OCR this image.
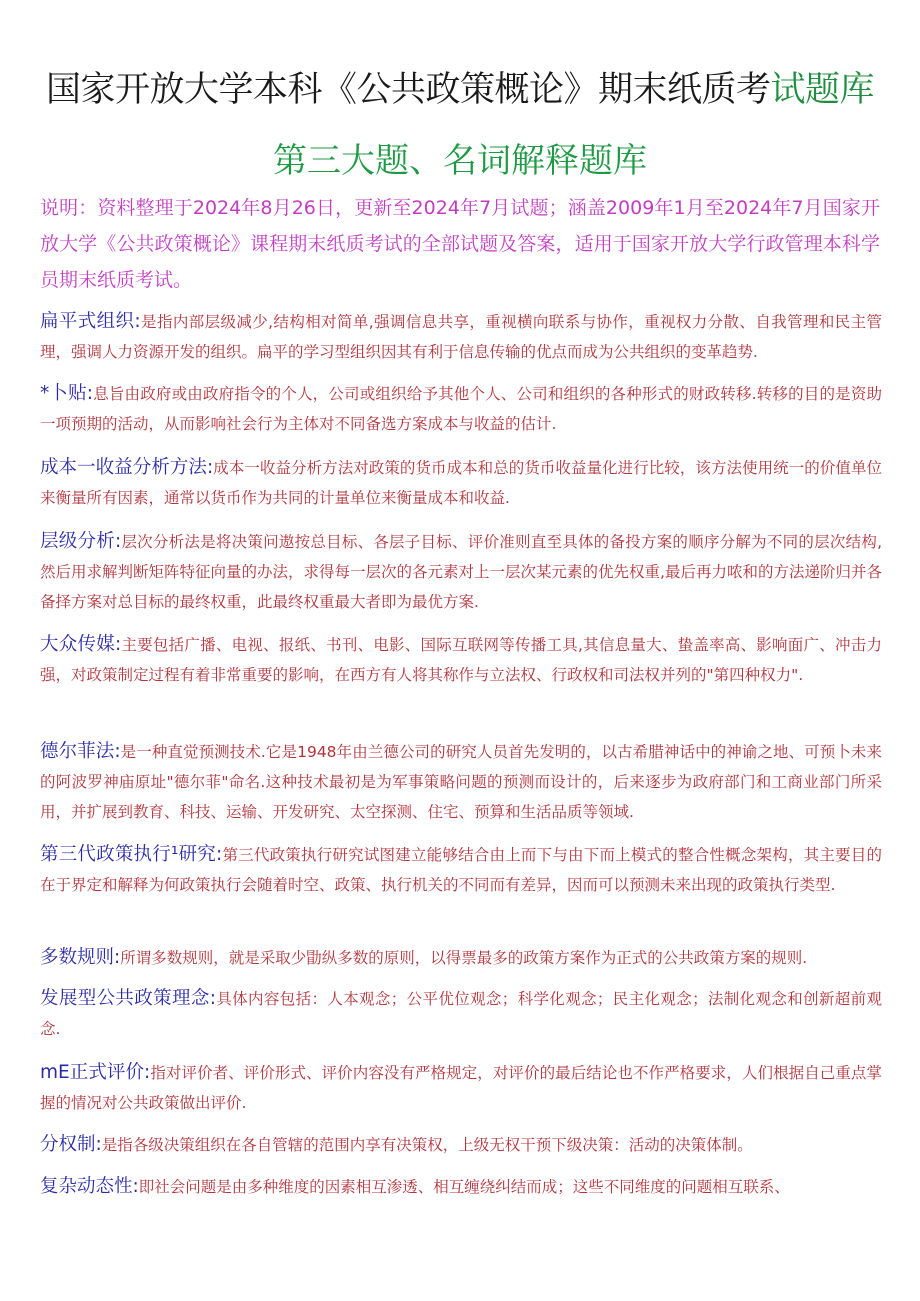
国家开放大学本科《公共政策概论》期末纸质考试题库
第三大题、名词解释题库
说明：资料整理于2024年8月26日，更新至2024年7月试题；涵盖2009年1月至2024年7月国家开放大学《公共政策概论》课程期末纸质考试的全部试题及答案，适用于国家开放大学行政管理本科学员期末纸质考试。
扁平式组织:是指内部层级减少,结构相对简单,强调信息共享，重视横向联系与协作，重视权力分散、自我管理和民主管理，强调人力资源开发的组织。扁平的学习型组织因其有利于信息传输的优点而成为公共组织的变革趋势.
*卜贴:息旨由政府或由政府指令的个人，公司或组织给予其他个人、公司和组织的各种形式的财政转移.转移的目的是资助一项预期的活动，从而影响社会行为主体对不同备选方案成本与收益的估计.
成本一收益分析方法:成本一收益分析方法对政策的货币成本和总的货币收益量化进行比较，该方法使用统一的价值单位来衡量所有因素，通常以货币作为共同的计量单位来衡量成本和收益.
层级分析:层次分析法是将决策问遨按总目标、各层子目标、评价准则直至具体的备投方案的顺序分解为不同的层次结构,然后用求解判断矩阵特征向量的办法，求得每一层次的各元素对上一层次某元素的优先权重,最后再力哝和的方法递阶归并各备择方案对总目标的最终权重，此最终权重最大者即为最优方案.
大众传媒:主要包括广播、电视、报纸、书刊、电影、国际互联网等传播工具,其信息量大、蛰盖率高、影响面广、冲击力强，对政策制定过程有着非常重要的影响，在西方有人将其称作与立法权、行政权和司法权并列的"第四种权力".
德尔菲法:是一种直觉预测技术.它是1948年由兰德公司的研究人员首先发明的，以古希腊神话中的神谕之地、可预卜未来的阿波罗神庙原址"德尔菲"命名.这种技术最初是为军事策略问题的预测而设计的，后来逐步为政府部门和工商业部门所采用，并扩展到教育、科技、运输、开发研究、太空探测、住宅、预算和生活品质等领域.
第三代政策执行¹研究:第三代政策执行研究试图建立能够结合由上而下与由下而上模式的整合性概念架构，其主要目的在于界定和解释为何政策执行会随着时空、政策、执行机关的不同而有差异，因而可以预测未来出现的政策执行类型.
多数规则:所谓多数规则，就是采取少勖纵多数的原则，以得票最多的政策方案作为正式的公共政策方案的规则.
发展型公共政策理念:具体内容包括：人本观念；公平优位观念；科学化观念；民主化观念；法制化观念和创新超前观念.
mE正式评价:指对评价者、评价形式、评价内容没有严格规定，对评价的最后结论也不作严格要求，人们根据自己重点掌握的情况对公共政策做出评价.
分权制:是指各级决策组织在各自管辖的范围内享有决策权，上级无权干预下级决策：活动的决策体制。
复杂动态性:即社会问题是由多种维度的因素相互渗透、相互缠绕纠结而成；这些不同维度的问题相互联系、
